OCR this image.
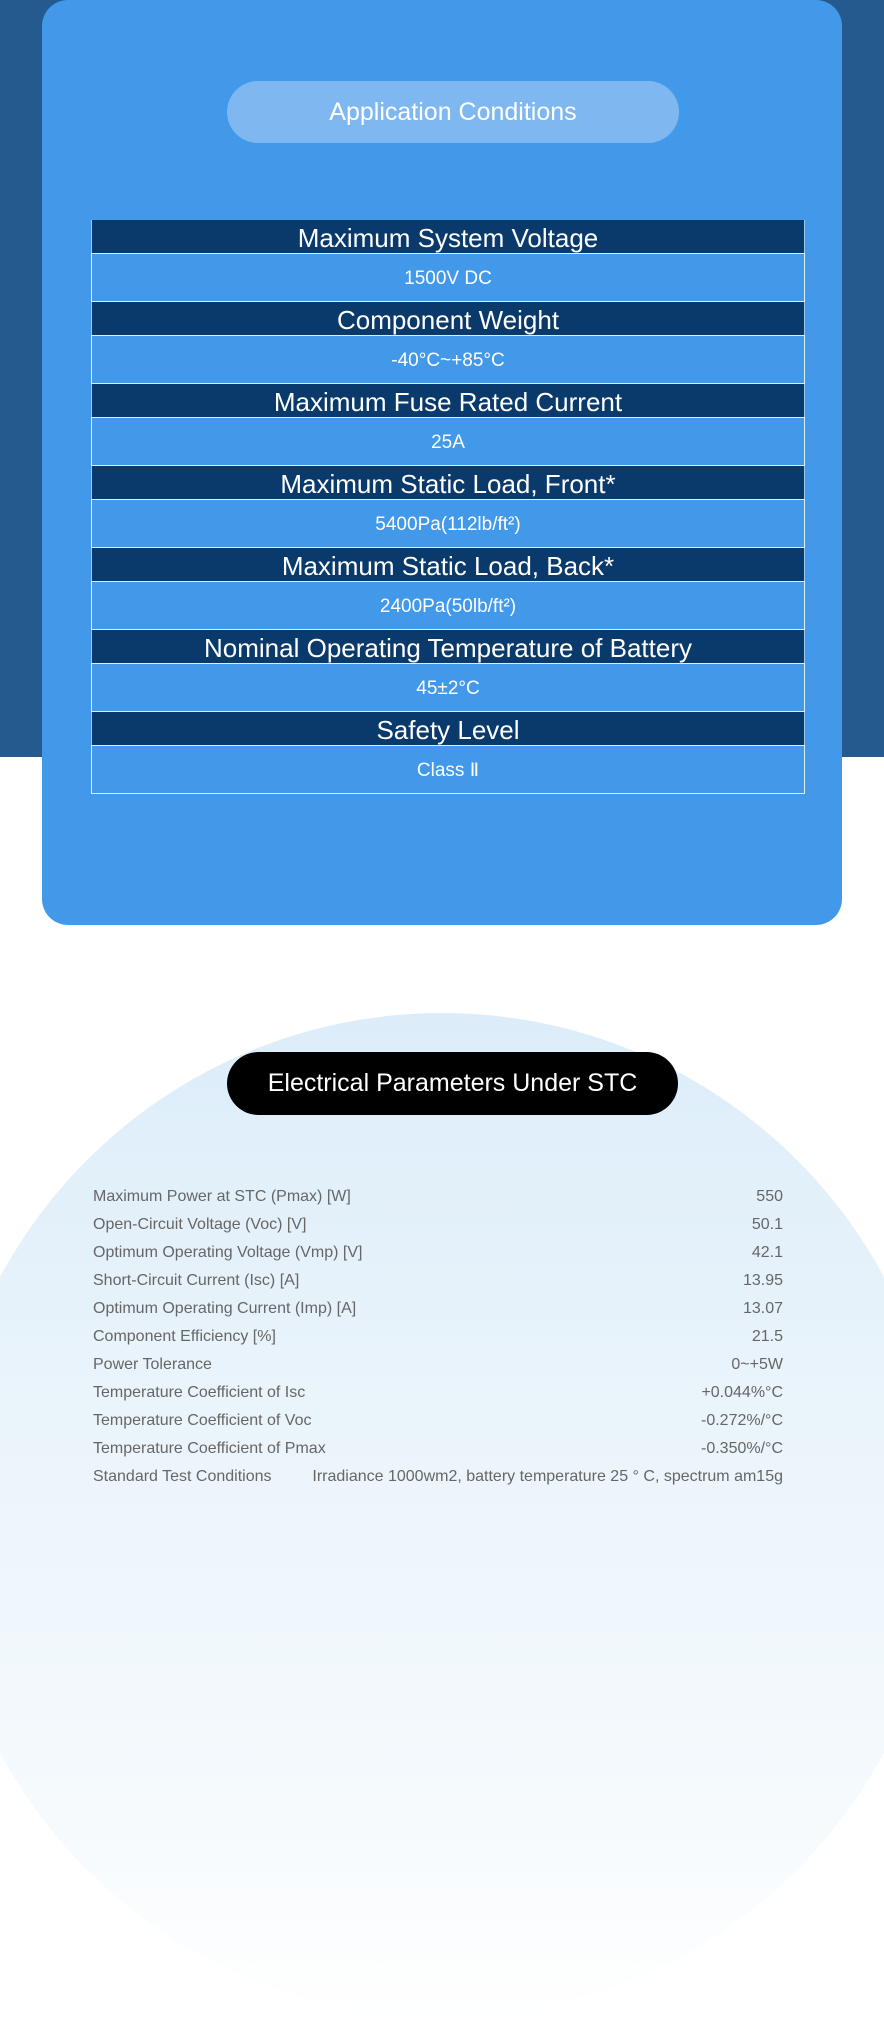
Application Conditions
Maximum System Voltage
1500V DC
Component Weight
-40°C~+85°C
Maximum Fuse Rated Current
25A
Maximum Static Load, Front*
5400Pa(112lb/ft²)
Maximum Static Load, Back*
2400Pa(50lb/ft²)
Nominal Operating Temperature of Battery
45±2°C
Safety Level
Class Ⅱ
Electrical Parameters Under STC
Maximum Power at STC (Pmax) [W]	550
Open-Circuit Voltage (Voc) [V]	50.1
Optimum Operating Voltage (Vmp) [V]	42.1
Short-Circuit Current (Isc) [A]	13.95
Optimum Operating Current (Imp) [A]	13.07
Component Efficiency [%]	21.5
Power Tolerance	0~+5W
Temperature Coefficient of Isc	+0.044%°C
Temperature Coefficient of Voc	-0.272%/°C
Temperature Coefficient of Pmax	-0.350%/°C
Standard Test Conditions	Irradiance 1000wm2, battery temperature 25 ° C, spectrum am15g
